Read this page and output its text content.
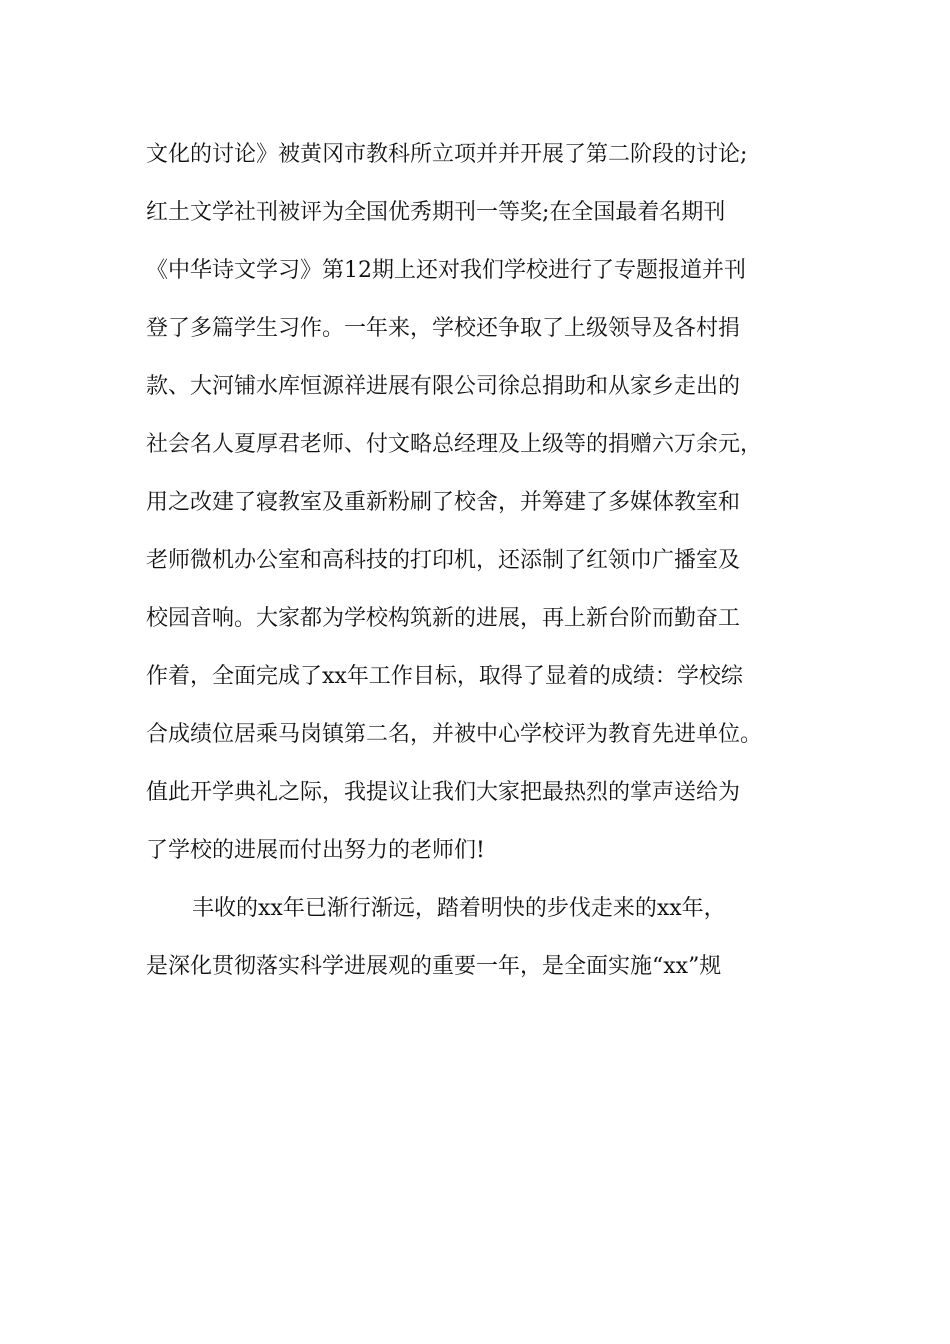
文化的讨论》被黄冈市教科所立项并并开展了第二阶段的讨论;
红土文学社刊被评为全国优秀期刊一等奖;在全国最着名期刊
《中华诗文学习》第12期上还对我们学校进行了专题报道并刊
登了多篇学生习作。一年来，学校还争取了上级领导及各村捐
款、大河铺水库恒源祥进展有限公司徐总捐助和从家乡走出的
社会名人夏厚君老师、付文略总经理及上级等的捐赠六万余元，
用之改建了寝教室及重新粉刷了校舍，并筹建了多媒体教室和
老师微机办公室和高科技的打印机，还添制了红领巾广播室及
校园音响。大家都为学校构筑新的进展，再上新台阶而勤奋工
作着，全面完成了xx年工作目标，取得了显着的成绩：学校综
合成绩位居乘马岗镇第二名，并被中心学校评为教育先进单位。
值此开学典礼之际，我提议让我们大家把最热烈的掌声送给为
了学校的进展而付出努力的老师们!
丰收的xx年已渐行渐远，踏着明快的步伐走来的xx年，
是深化贯彻落实科学进展观的重要一年，是全面实施“xx”规
